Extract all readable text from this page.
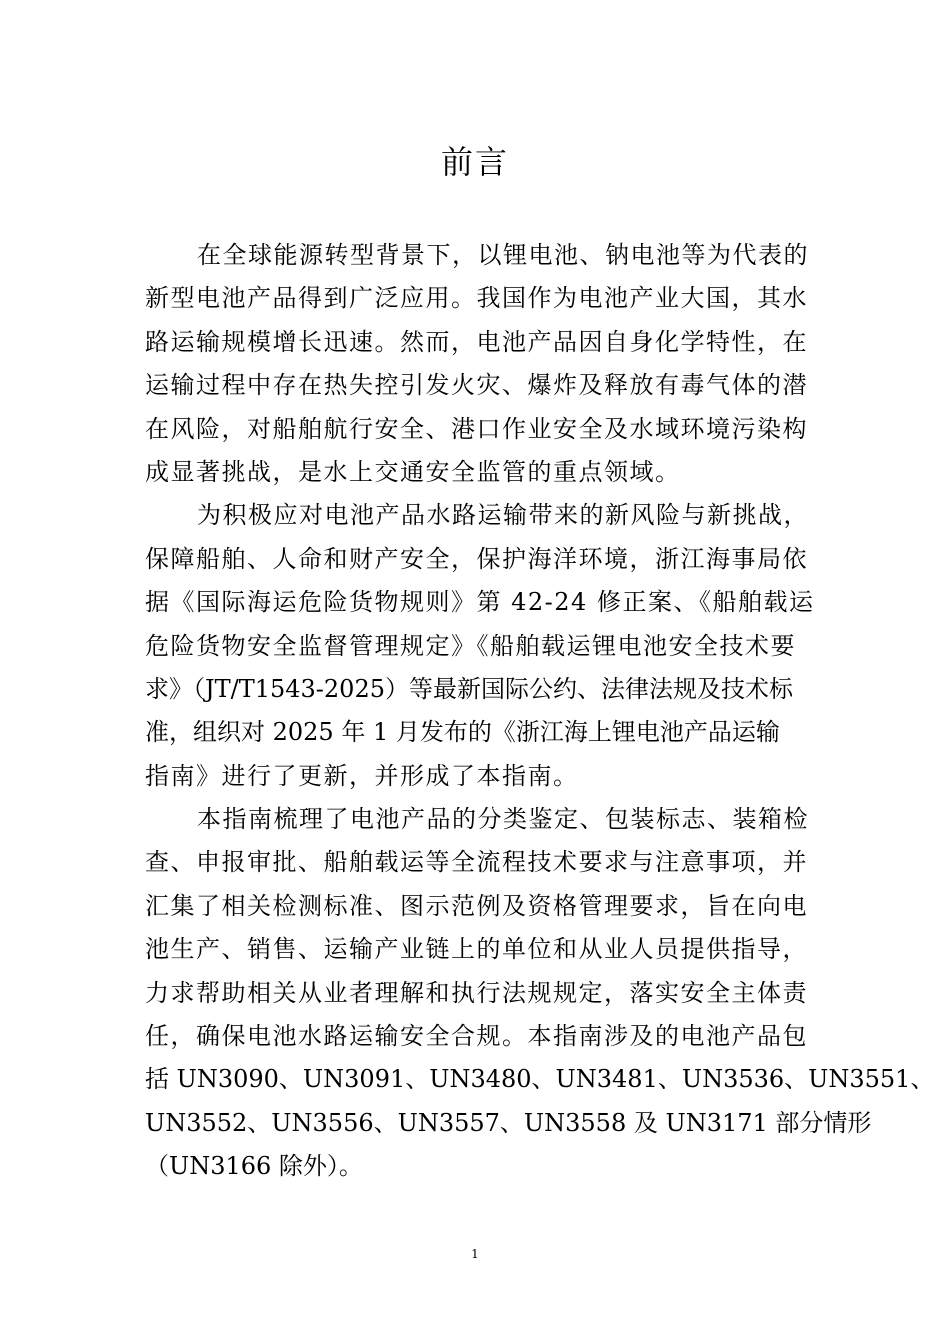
前言
在全球能源转型背景下，以锂电池、钠电池等为代表的
新型电池产品得到广泛应用。我国作为电池产业大国，其水
路运输规模增长迅速。然而，电池产品因自身化学特性，在
运输过程中存在热失控引发火灾、爆炸及释放有毒气体的潜
在风险，对船舶航行安全、港口作业安全及水域环境污染构
成显著挑战，是水上交通安全监管的重点领域。
为积极应对电池产品水路运输带来的新风险与新挑战，
保障船舶、人命和财产安全，保护海洋环境，浙江海事局依
据《国际海运危险货物规则》第 42-24 修正案、《船舶载运
危险货物安全监督管理规定》《船舶载运锂电池安全技术要
求》（JT/T1543-2025）等最新国际公约、法律法规及技术标
准，组织对 2025 年 1 月发布的《浙江海上锂电池产品运输
指南》进行了更新，并形成了本指南。
本指南梳理了电池产品的分类鉴定、包装标志、装箱检
查、申报审批、船舶载运等全流程技术要求与注意事项，并
汇集了相关检测标准、图示范例及资格管理要求，旨在向电
池生产、销售、运输产业链上的单位和从业人员提供指导，
力求帮助相关从业者理解和执行法规规定，落实安全主体责
任，确保电池水路运输安全合规。本指南涉及的电池产品包
括 UN3090、UN3091、UN3480、UN3481、UN3536、UN3551、
UN3552、UN3556、UN3557、UN3558 及 UN3171 部分情形
（UN3166 除外）。
1
